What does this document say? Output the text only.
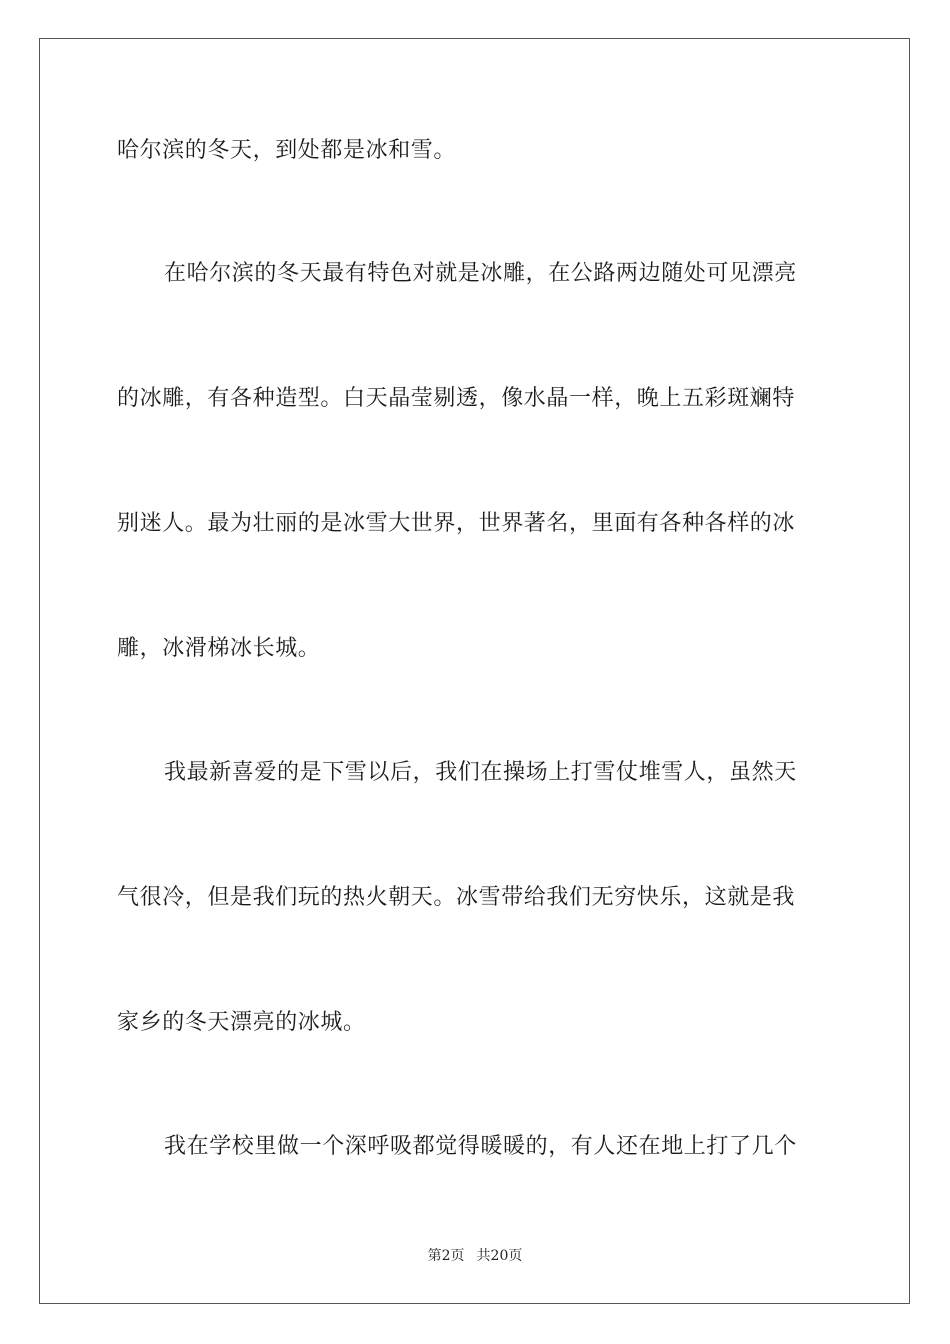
哈尔滨的冬天，到处都是冰和雪。
在哈尔滨的冬天最有特色对就是冰雕，在公路两边随处可见漂亮
的冰雕，有各种造型。白天晶莹剔透，像水晶一样，晚上五彩斑斓特
别迷人。最为壮丽的是冰雪大世界，世界著名，里面有各种各样的冰
雕，冰滑梯冰长城。
我最新喜爱的是下雪以后，我们在操场上打雪仗堆雪人，虽然天
气很冷，但是我们玩的热火朝天。冰雪带给我们无穷快乐，这就是我
家乡的冬天漂亮的冰城。
我在学校里做一个深呼吸都觉得暖暖的，有人还在地上打了几个
第2页 共20页
